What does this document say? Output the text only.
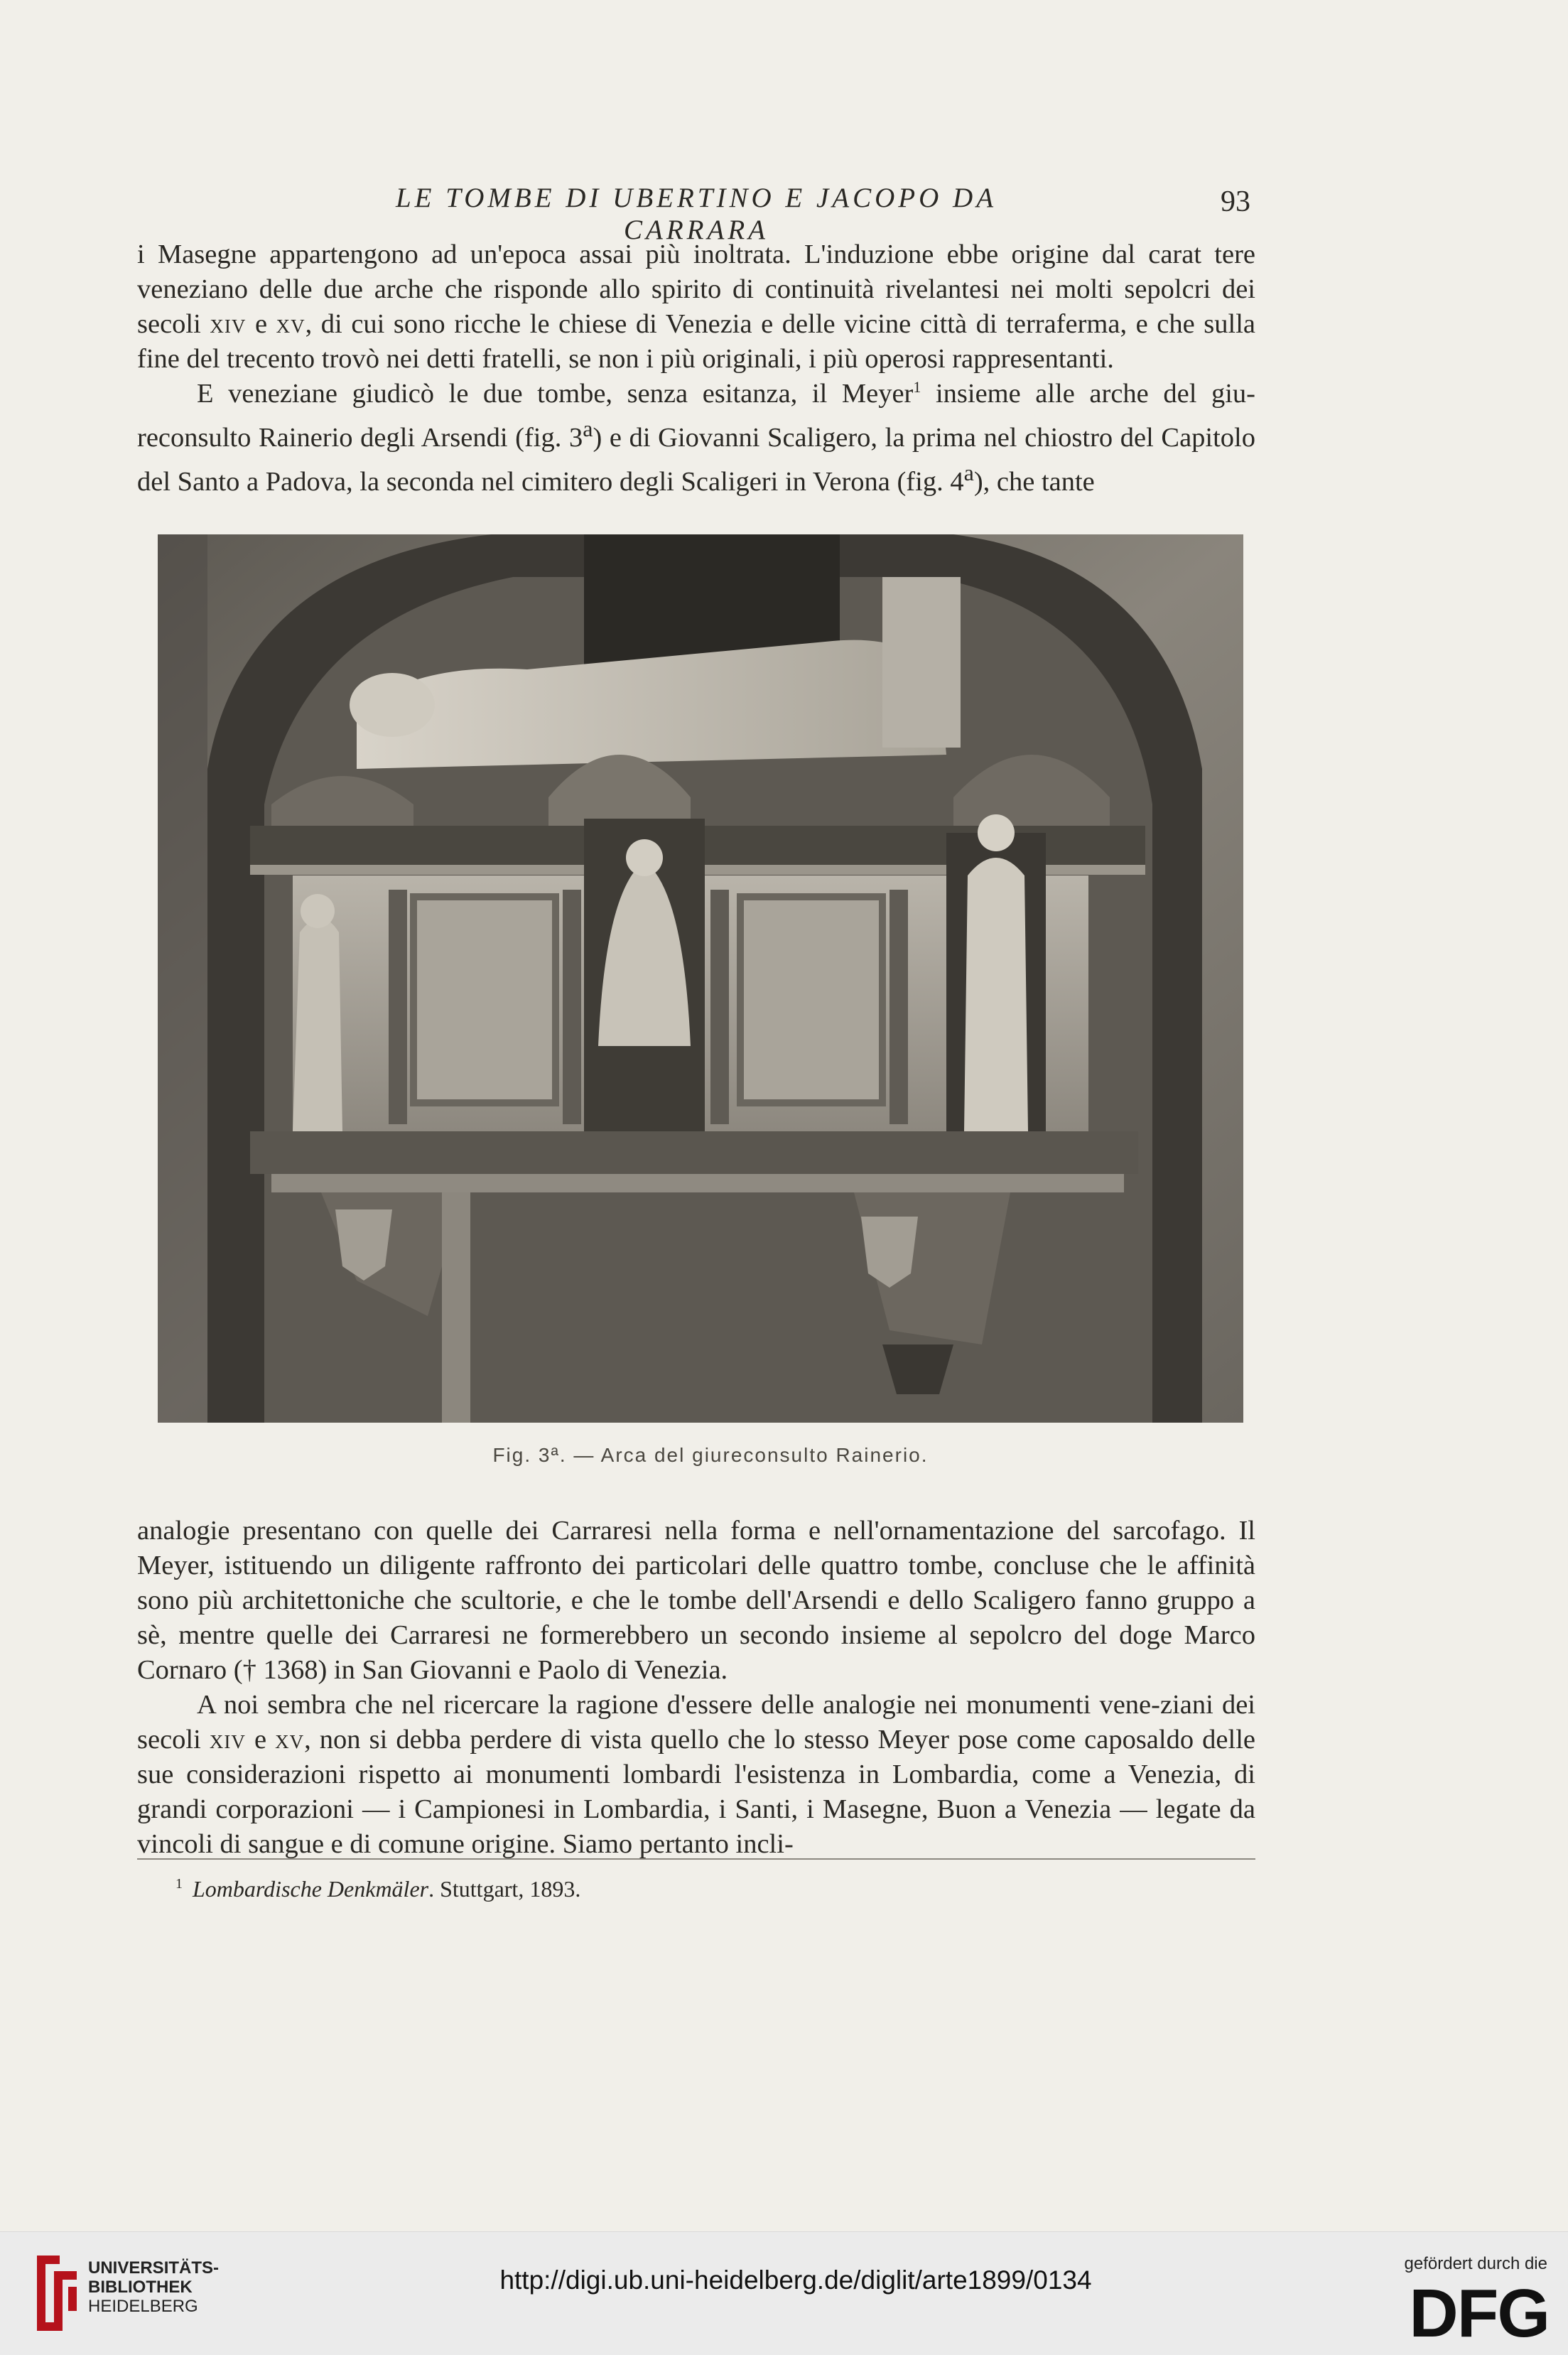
LE TOMBE DI UBERTINO E JACOPO DA CARRARA
93

i Masegne appartengono ad un'epoca assai più inoltrata. L'induzione ebbe origine dal carat tere veneziano delle due arche che risponde allo spirito di continuità rivelantesi nei molti sepolcri dei secoli xiv e xv, di cui sono ricche le chiese di Venezia e delle vicine città di terraferma, e che sulla fine del trecento trovò nei detti fratelli, se non i più originali, i più operosi rappresentanti.

E veneziane giudicò le due tombe, senza esitanza, il Meyer$^1$ insieme alle arche del giu-reconsulto Rainerio degli Arsendi (fig. 3$^a$) e di Giovanni Scaligero, la prima nel chiostro del Capitolo del Santo a Padova, la seconda nel cimitero degli Scaligeri in Verona (fig. 4$^a$), che tante

Fig. 3ª. — Arca del giureconsulto Rainerio.

analogie presentano con quelle dei Carraresi nella forma e nell'ornamentazione del sarcofago. Il Meyer, istituendo un diligente raffronto dei particolari delle quattro tombe, concluse che le affinità sono più architettoniche che scultorie, e che le tombe dell'Arsendi e dello Scaligero fanno gruppo a sè, mentre quelle dei Carraresi ne formerebbero un secondo insieme al sepolcro del doge Marco Cornaro († 1368) in San Giovanni e Paolo di Venezia.

A noi sembra che nel ricercare la ragione d'essere delle analogie nei monumenti vene-ziani dei secoli xiv e xv, non si debba perdere di vista quello che lo stesso Meyer pose come caposaldo delle sue considerazioni rispetto ai monumenti lombardi l'esistenza in Lombardia, come a Venezia, di grandi corporazioni — i Campionesi in Lombardia, i Santi, i Masegne, Buon a Venezia — legate da vincoli di sangue e di comune origine. Siamo pertanto incli-

$^1$ Lombardische Denkmäler. Stuttgart, 1893.
UNIVERSITÄTS-
BIBLIOTHEK
HEIDELBERG
http://digi.ub.uni-heidelberg.de/diglit/arte1899/0134
gefördert durch die
DFG
